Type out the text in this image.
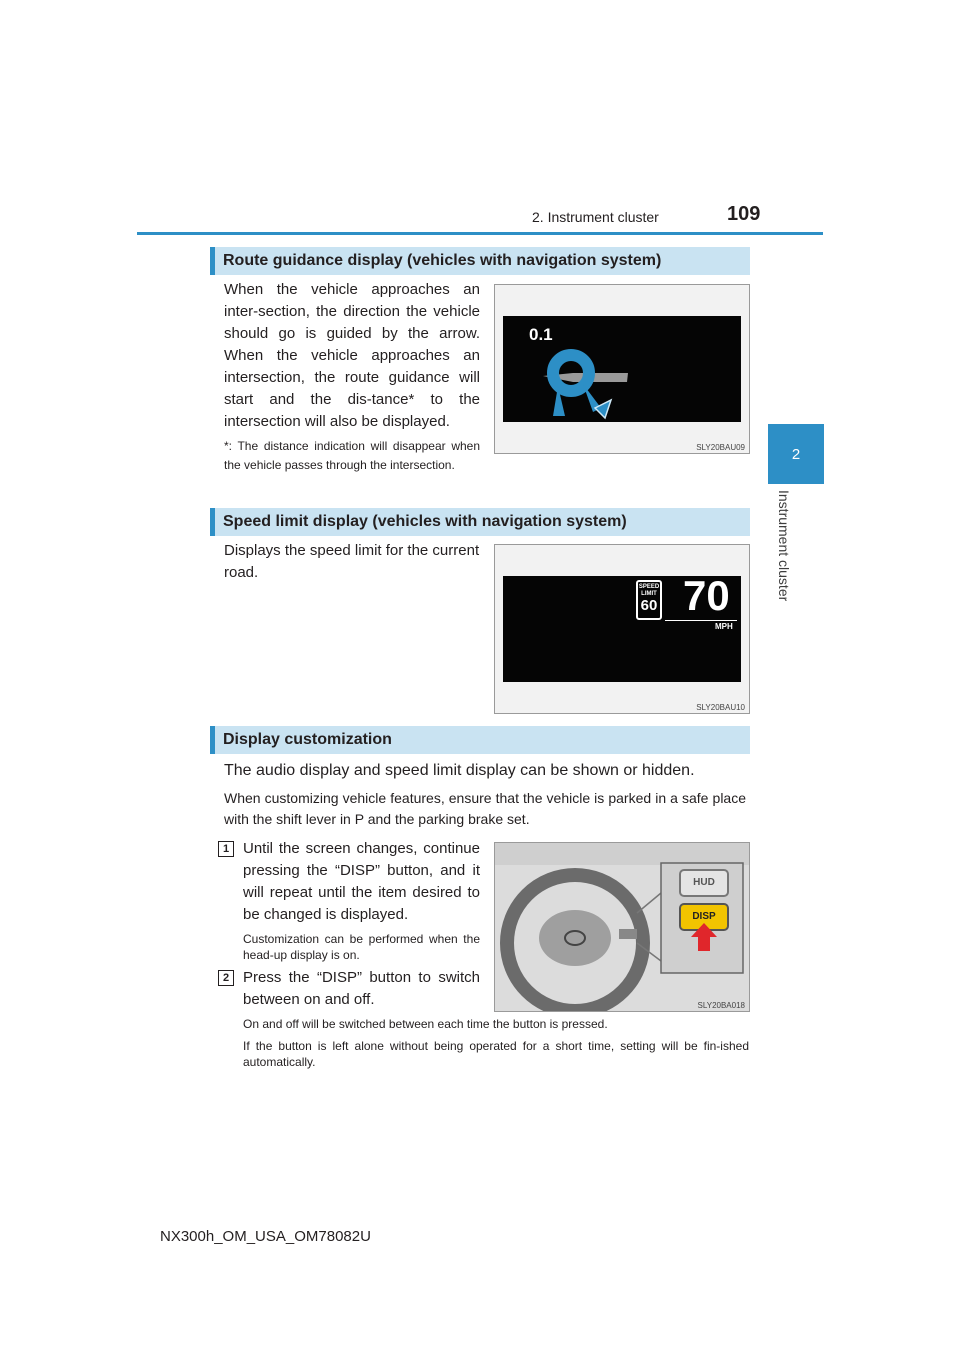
2. Instrument cluster	109
2
Instrument cluster
Route guidance display (vehicles with navigation system)
When the vehicle approaches an inter-section, the direction the vehicle should go is guided by the arrow. When the vehicle approaches an intersection, the route guidance will start and the dis-tance* to the intersection will also be displayed.
*: The distance indication will disappear when the vehicle passes through the intersection.
0.1
SLY20BAU09
Speed limit display (vehicles with navigation system)
Displays the speed limit for the current road.
SPEED
LIMIT
60 70
MPH
SLY20BAU10
Display customization
The audio display and speed limit display can be shown or hidden.
When customizing vehicle features, ensure that the vehicle is parked in a safe place with the shift lever in P and the parking brake set.
1 Until the screen changes, continue pressing the “DISP” button, and it will repeat until the item desired to be changed is displayed.
Customization can be performed when the head-up display is on.
2 Press the “DISP” button to switch between on and off.
On and off will be switched between each time the button is pressed.
If the button is left alone without being operated for a short time, setting will be fin-ished automatically.
HUD
DISP
SLY20BA018
NX300h_OM_USA_OM78082U
